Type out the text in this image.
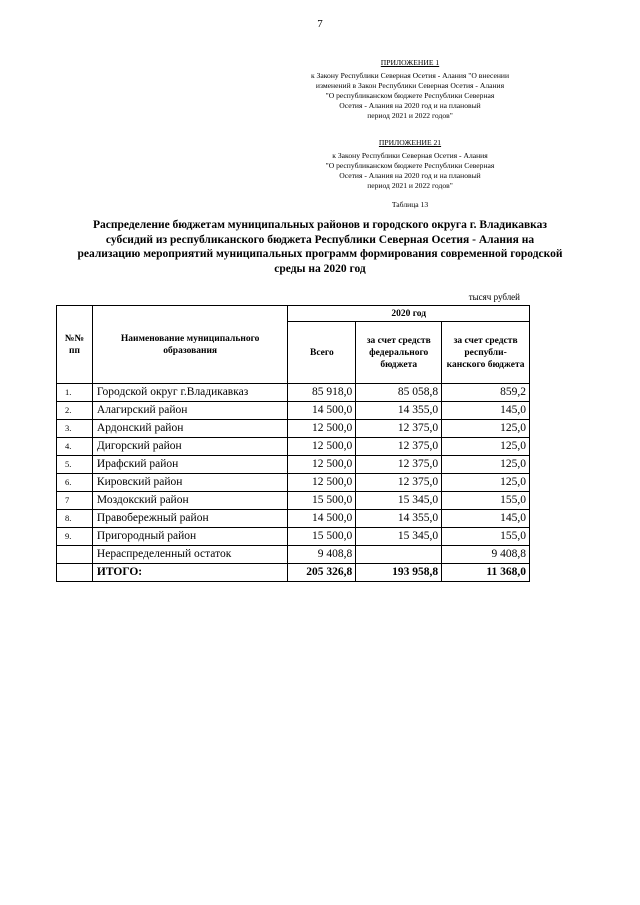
7
ПРИЛОЖЕНИЕ 1
к Закону Республики Северная Осетия - Алания "О внесении
изменений в Закон Республики Северная Осетия - Алания
"О республиканском бюджете Республики Северная
Осетия - Алания на 2020 год и на плановый
период 2021 и 2022 годов"
ПРИЛОЖЕНИЕ 21
к Закону Республики Северная Осетия - Алания
"О республиканском бюджете Республики Северная
Осетия - Алания на 2020 год и на плановый
период 2021 и 2022 годов"
Таблица 13
Распределение бюджетам муниципальных районов и городского округа г. Владикавказ
субсидий из республиканского бюджета Республики Северная Осетия - Алания на
реализацию мероприятий муниципальных программ формирования современной городской
среды на 2020 год
тысяч рублей
№№ пп	Наименование муниципального образования	2020 год		
		Всего	за счет средств федерального бюджета	за счет средств республи-канского бюджета
1.	Городской округ г.Владикавказ	85 918,0	85 058,8	859,2
2.	Алагирский район	14 500,0	14 355,0	145,0
3.	Ардонский район	12 500,0	12 375,0	125,0
4.	Дигорский район	12 500,0	12 375,0	125,0
5.	Ирафский район	12 500,0	12 375,0	125,0
6.	Кировский район	12 500,0	12 375,0	125,0
7	Моздокский район	15 500,0	15 345,0	155,0
8.	Правобережный район	14 500,0	14 355,0	145,0
9.	Пригородный район	15 500,0	15 345,0	155,0
	Нераспределенный остаток	9 408,8		9 408,8
	ИТОГО:	205 326,8	193 958,8	11 368,0
